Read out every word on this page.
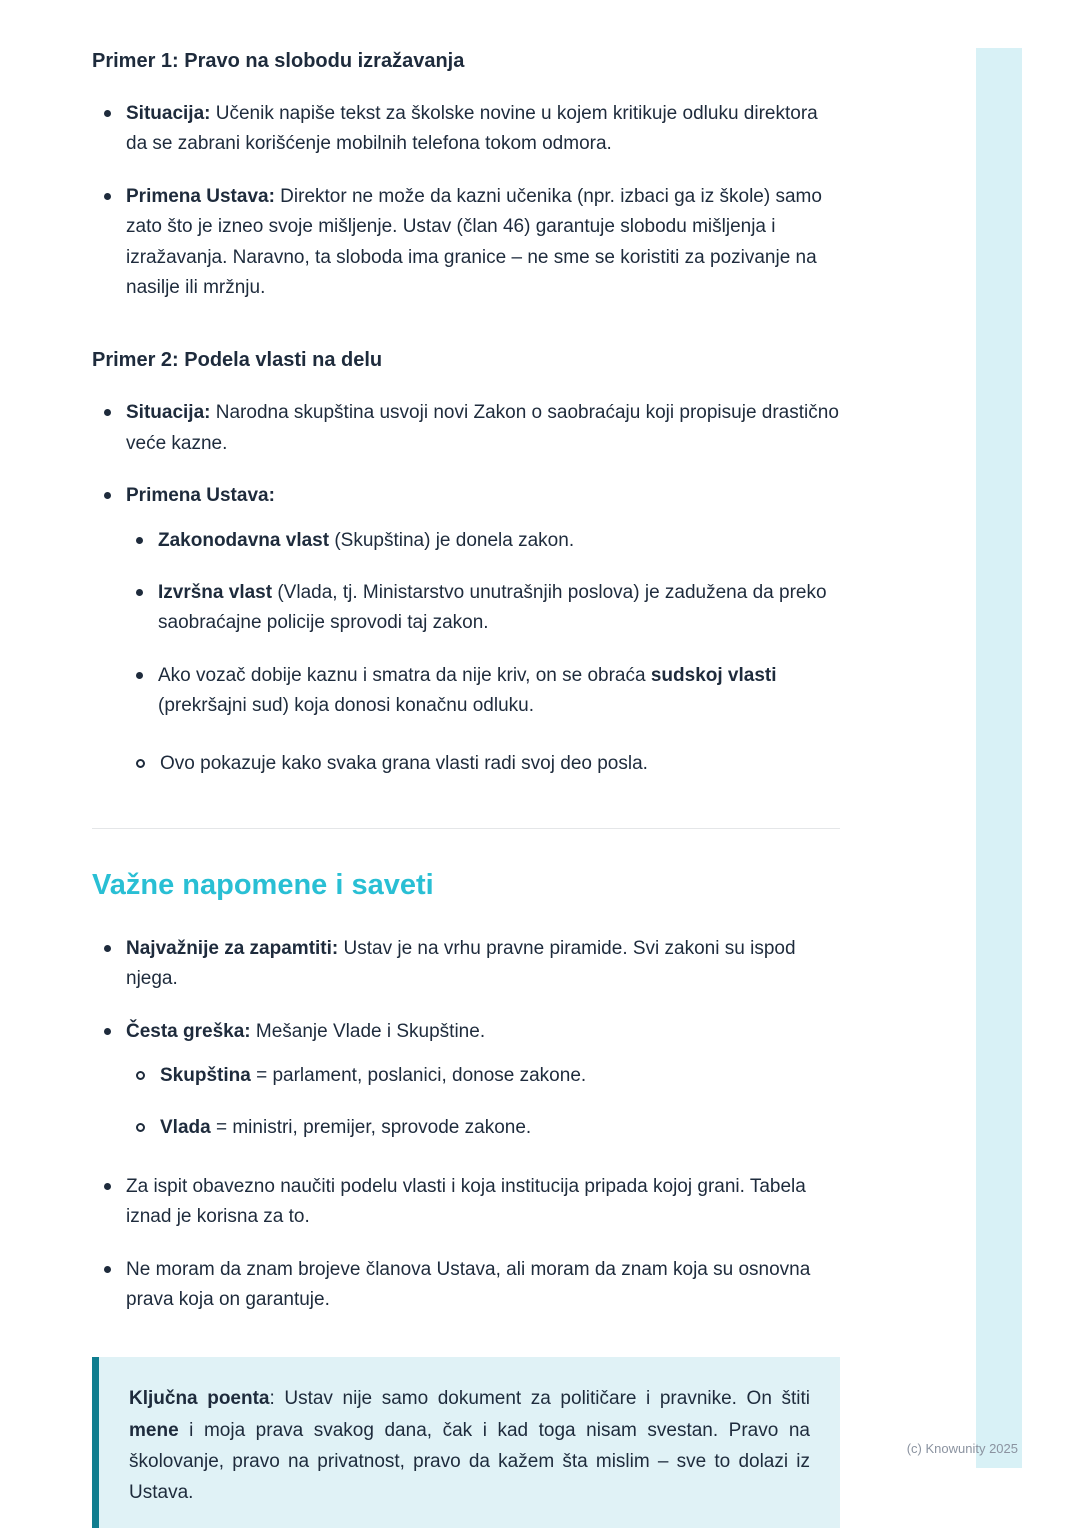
Primer 1: Pravo na slobodu izražavanja

Situacija: Učenik napiše tekst za školske novine u kojem kritikuje odluku direktora da se zabrani korišćenje mobilnih telefona tokom odmora.

Primena Ustava: Direktor ne može da kazni učenika (npr. izbaci ga iz škole) samo zato što je izneo svoje mišljenje. Ustav (član 46) garantuje slobodu mišljenja i izražavanja. Naravno, ta sloboda ima granice – ne sme se koristiti za pozivanje na nasilje ili mržnju.

Primer 2: Podela vlasti na delu

Situacija: Narodna skupština usvoji novi Zakon o saobraćaju koji propisuje drastično veće kazne.

Primena Ustava:

Zakonodavna vlast (Skupština) je donela zakon.

Izvršna vlast (Vlada, tj. Ministarstvo unutrašnjih poslova) je zadužena da preko saobraćajne policije sprovodi taj zakon.

Ako vozač dobije kaznu i smatra da nije kriv, on se obraća sudskoj vlasti (prekršajni sud) koja donosi konačnu odluku.

Ovo pokazuje kako svaka grana vlasti radi svoj deo posla.

Važne napomene i saveti

Najvažnije za zapamtiti: Ustav je na vrhu pravne piramide. Svi zakoni su ispod njega.

Česta greška: Mešanje Vlade i Skupštine.

Skupština = parlament, poslanici, donose zakone.

Vlada = ministri, premijer, sprovode zakone.

Za ispit obavezno naučiti podelu vlasti i koja institucija pripada kojoj grani. Tabela iznad je korisna za to.

Ne moram da znam brojeve članova Ustava, ali moram da znam koja su osnovna prava koja on garantuje.

Ključna poenta: Ustav nije samo dokument za političare i pravnike. On štiti mene i moja prava svakog dana, čak i kad toga nisam svestan. Pravo na školovanje, pravo na privatnost, pravo da kažem šta mislim – sve to dolazi iz Ustava.

(c) Knowunity 2025
